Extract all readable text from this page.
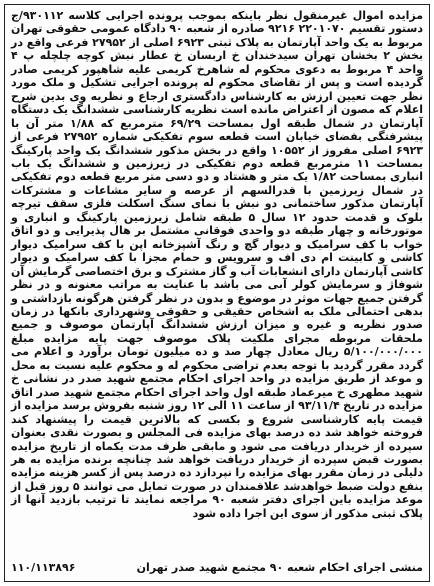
مزایده اموال غیرمنقول نظر باینکه بموجب پرونده اجرایی کلاسه ۹۳۰۱۱۲/ج دستور تقسیم ۲۲۰۱۰۷۰ ۹۲۱۶ صادره از شعبه ۹۰ دادگاه عمومی حقوقی تهران مربوط به یک واحد آپارتمان به پلاک ثبتی ۶۹۲۳ اصلی از ۲۷۹۵۲ فرعی واقع در بخش ۲ بخشان تهران سیدخندان خ اربسان خ عطار نبش کوچه چلچله پ ۴ واحد ۴ مربوط به دعوی محکوم له شاهرخ کریمی علیه شاهپور کریمی صادر گردیده است و پس از تقاضای محکوم له پرونده اجرایی تشکیل و ملک مورد نظر جهت تعیین ارزش به کارشناس دادگستری ارجاع و نظریه وی بدین شرح اعلام که مصون از اعتراض مانده است نظریه کارشناسی ششدانگ یک دستگاه آپارتمان در شمال طبقه اول بمساحت ۶۹/۲۹ مترمربع که ۱/۸۸ متر آن با پیشرفتگی بفضای خیابان است قطعه سوم تفکیکی شماره ۲۷۹۵۲ فرعی از ۶۹۲۳ اصلی مفروز از ۱۰۵۵۲ واقع در بخش مذکور ششدانگ یک واحد پارکینگ بمساحت ۱۱ مترمربع قطعه دوم تفکیکی در زیرزمین و ششدانگ یک باب انباری بمساحت ۱/۸۲ یک متر و هشتاد و دو دسی متر مربع قطعه دوم تفکیکی در شمال زیرزمین با قدرالسهم از عرصه و سایر مشاعات و مشترکات آپارتمان مذکور ساختمانی دو نبش با نمای سنگ اسکلت فلزی سقف تیرچه بلوک و قدمت حدود ۱۲ سال ۵ طبقه شامل زیرزمین پارکینگ و انباری و موتورخانه و چهار طبقه دو واحدی فوقانی مشتمل بر هال پذیرایی و دو اتاق خواب با کف سرامیک و دیوار گچ و رنگ آشپزخانه اپن با کف سرامیک دیوار کاشی و کابینت ام دی اف و سرویس و حمام مجزا با کف سرامیک و دیوار کاشی آپارتمان دارای انشعابات آب و گاز مشترک و برق اختصاصی گرمایش آن شوفاژ و سرمایش کولر آبی می باشد با عنایت به مراتب معنونه و در نظر گرفتن جمیع جهات موثر در موضوع و بدون در نظر گرفتن هرگونه بازداشتی و بدهی احتمالی ملک به اشخاص حقیقی و حقوقی وشهرداری بانکها در زمان صدور نظریه و غیره و میزان ارزش ششدانگ آپارتمان موصوف و جمیع ملحقات مربوطه مجرای ملکیت پلاک موصوف جهت پایه مزایده مبلغ ۵/۱۰۰/۰۰۰/۰۰۰ ریال معادل چهار صد و ده میلیون تومان برآورد و اعلام می گردد مقرر گردید با توجه بعدم تراضی محکوم له و محکوم علیه نسبت به محل و موعد از طریق مزایده در واحد اجرای احکام مجتمع شهید صدر در نشانی خ شهید مطهری خ میرعماد طبقه اول واحد اجرای احکام مجتمع شهید صدر اتاق مزایده در تاریخ ۹۳/۱۱/۴ از ساعت ۱۱ الی ۱۲ روز شنبه بفروش برسد مزایده از قیمت پایه کارشناسی شروع و بکسی که بالاترین قیمت را پیشنهاد کند فروخته خواهد شد ده درصد بهای مزایده فی المجلس و بصورت نقدی بعنوان سپرده از خریدار دریافت می شود و مابقی ظرف مدت یکماه از تاریخ مزایده بصورت قبض سپرده از خریدار دریافت خواهد شد چنانچه برنده مزایده به هر دلیلی در زمان مقرر بهای مزایده را نپردازد ده درصد پس از کسر هزینه مزایده بنفع دولت ضبط خواهدشد علاقمندان در صورت تمایل می توانند ۵ روز قبل از موعد مزایده باین اجرای دفتر شعبه ۹۰ مراجعه نمایند تا ترتیب بازدید آنها از پلاک ثبتی مذکور از سوی این اجرا داده شود
منشی اجرای احکام شعبه ۹۰ مجتمع شهید صدر تهران
۱۱۰/۱۱۳۸۹۶
